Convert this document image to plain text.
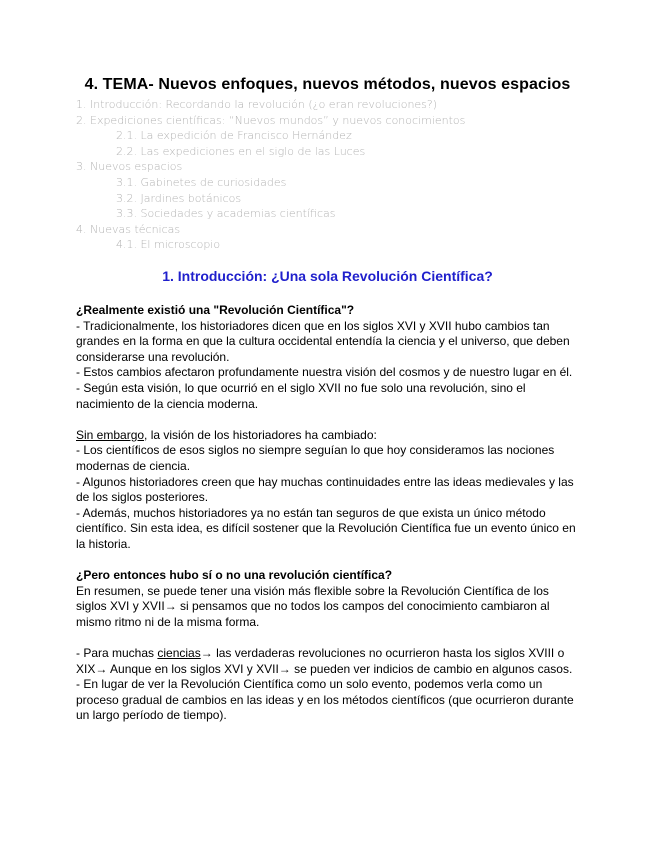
4. TEMA- Nuevos enfoques, nuevos métodos, nuevos espacios
1. Introducción: Recordando la revolución (¿o eran revoluciones?)
2. Expediciones científicas: “Nuevos mundos” y nuevos conocimientos
2.1. La expedición de Francisco Hernández
2.2. Las expediciones en el siglo de las Luces
3. Nuevos espacios
3.1. Gabinetes de curiosidades
3.2. Jardines botánicos
3.3. Sociedades y academias científicas
4. Nuevas técnicas
4.1. El microscopio
1. Introducción: ¿Una sola Revolución Científica?

¿Realmente existió una "Revolución Científica"?

- Tradicionalmente, los historiadores dicen que en los siglos XVI y XVII hubo cambios tan grandes en la forma en que la cultura occidental entendía la ciencia y el universo, que deben considerarse una revolución.

- Estos cambios afectaron profundamente nuestra visión del cosmos y de nuestro lugar en él.

- Según esta visión, lo que ocurrió en el siglo XVII no fue solo una revolución, sino el nacimiento de la ciencia moderna.

Sin embargo, la visión de los historiadores ha cambiado:

- Los científicos de esos siglos no siempre seguían lo que hoy consideramos las nociones modernas de ciencia.

- Algunos historiadores creen que hay muchas continuidades entre las ideas medievales y las de los siglos posteriores.

- Además, muchos historiadores ya no están tan seguros de que exista un único método científico. Sin esta idea, es difícil sostener que la Revolución Científica fue un evento único en la historia.

¿Pero entonces hubo sí o no una revolución científica?

En resumen, se puede tener una visión más flexible sobre la Revolución Científica de los siglos XVI y XVII→ si pensamos que no todos los campos del conocimiento cambiaron al mismo ritmo ni de la misma forma.

- Para muchas ciencias→ las verdaderas revoluciones no ocurrieron hasta los siglos XVIII o XIX→ Aunque en los siglos XVI y XVII→ se pueden ver indicios de cambio en algunos casos.

- En lugar de ver la Revolución Científica como un solo evento, podemos verla como un proceso gradual de cambios en las ideas y en los métodos científicos (que ocurrieron durante un largo período de tiempo).
